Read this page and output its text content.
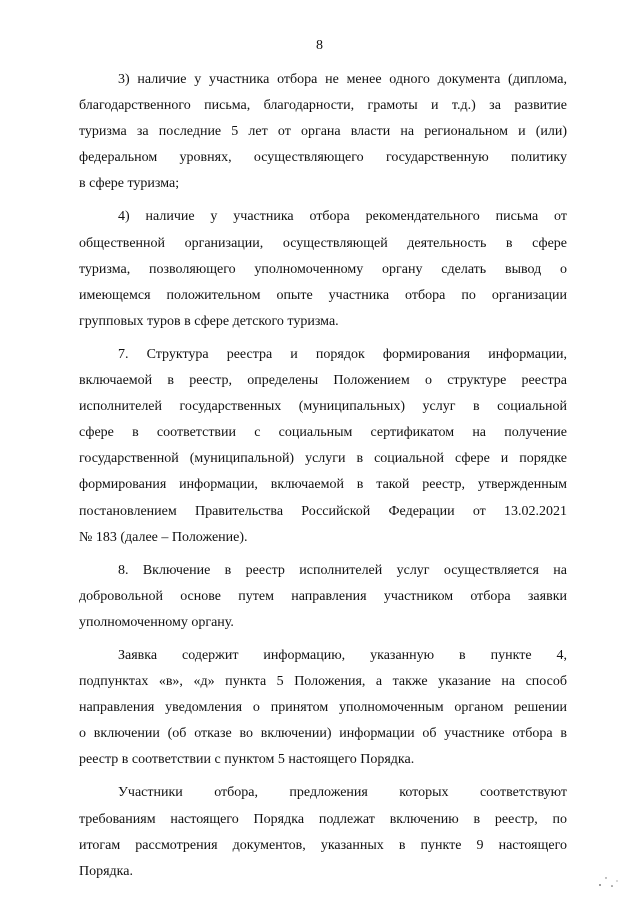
8

3) наличие у участника отбора не менее одного документа (диплома,
благодарственного письма, благодарности, грамоты и т.д.) за развитие
туризма за последние 5 лет от органа власти на региональном и (или)
федеральном уровнях, осуществляющего государственную политику
в сфере туризма;

4) наличие у участника отбора рекомендательного письма от
общественной организации, осуществляющей деятельность в сфере
туризма, позволяющего уполномоченному органу сделать вывод о
имеющемся положительном опыте участника отбора по организации
групповых туров в сфере детского туризма.

7. Структура реестра и порядок формирования информации,
включаемой в реестр, определены Положением о структуре реестра
исполнителей государственных (муниципальных) услуг в социальной
сфере в соответствии с социальным сертификатом на получение
государственной (муниципальной) услуги в социальной сфере и порядке
формирования информации, включаемой в такой реестр, утвержденным
постановлением Правительства Российской Федерации от 13.02.2021
№ 183 (далее – Положение).

8. Включение в реестр исполнителей услуг осуществляется на
добровольной основе путем направления участником отбора заявки
уполномоченному органу.

Заявка содержит информацию, указанную в пункте 4,
подпунктах «в», «д» пункта 5 Положения, а также указание на способ
направления уведомления о принятом уполномоченным органом решении
о включении (об отказе во включении) информации об участнике отбора в
реестр в соответствии с пунктом 5 настоящего Порядка.

Участники отбора, предложения которых соответствуют
требованиям настоящего Порядка подлежат включению в реестр, по
итогам рассмотрения документов, указанных в пункте 9 настоящего
Порядка.
